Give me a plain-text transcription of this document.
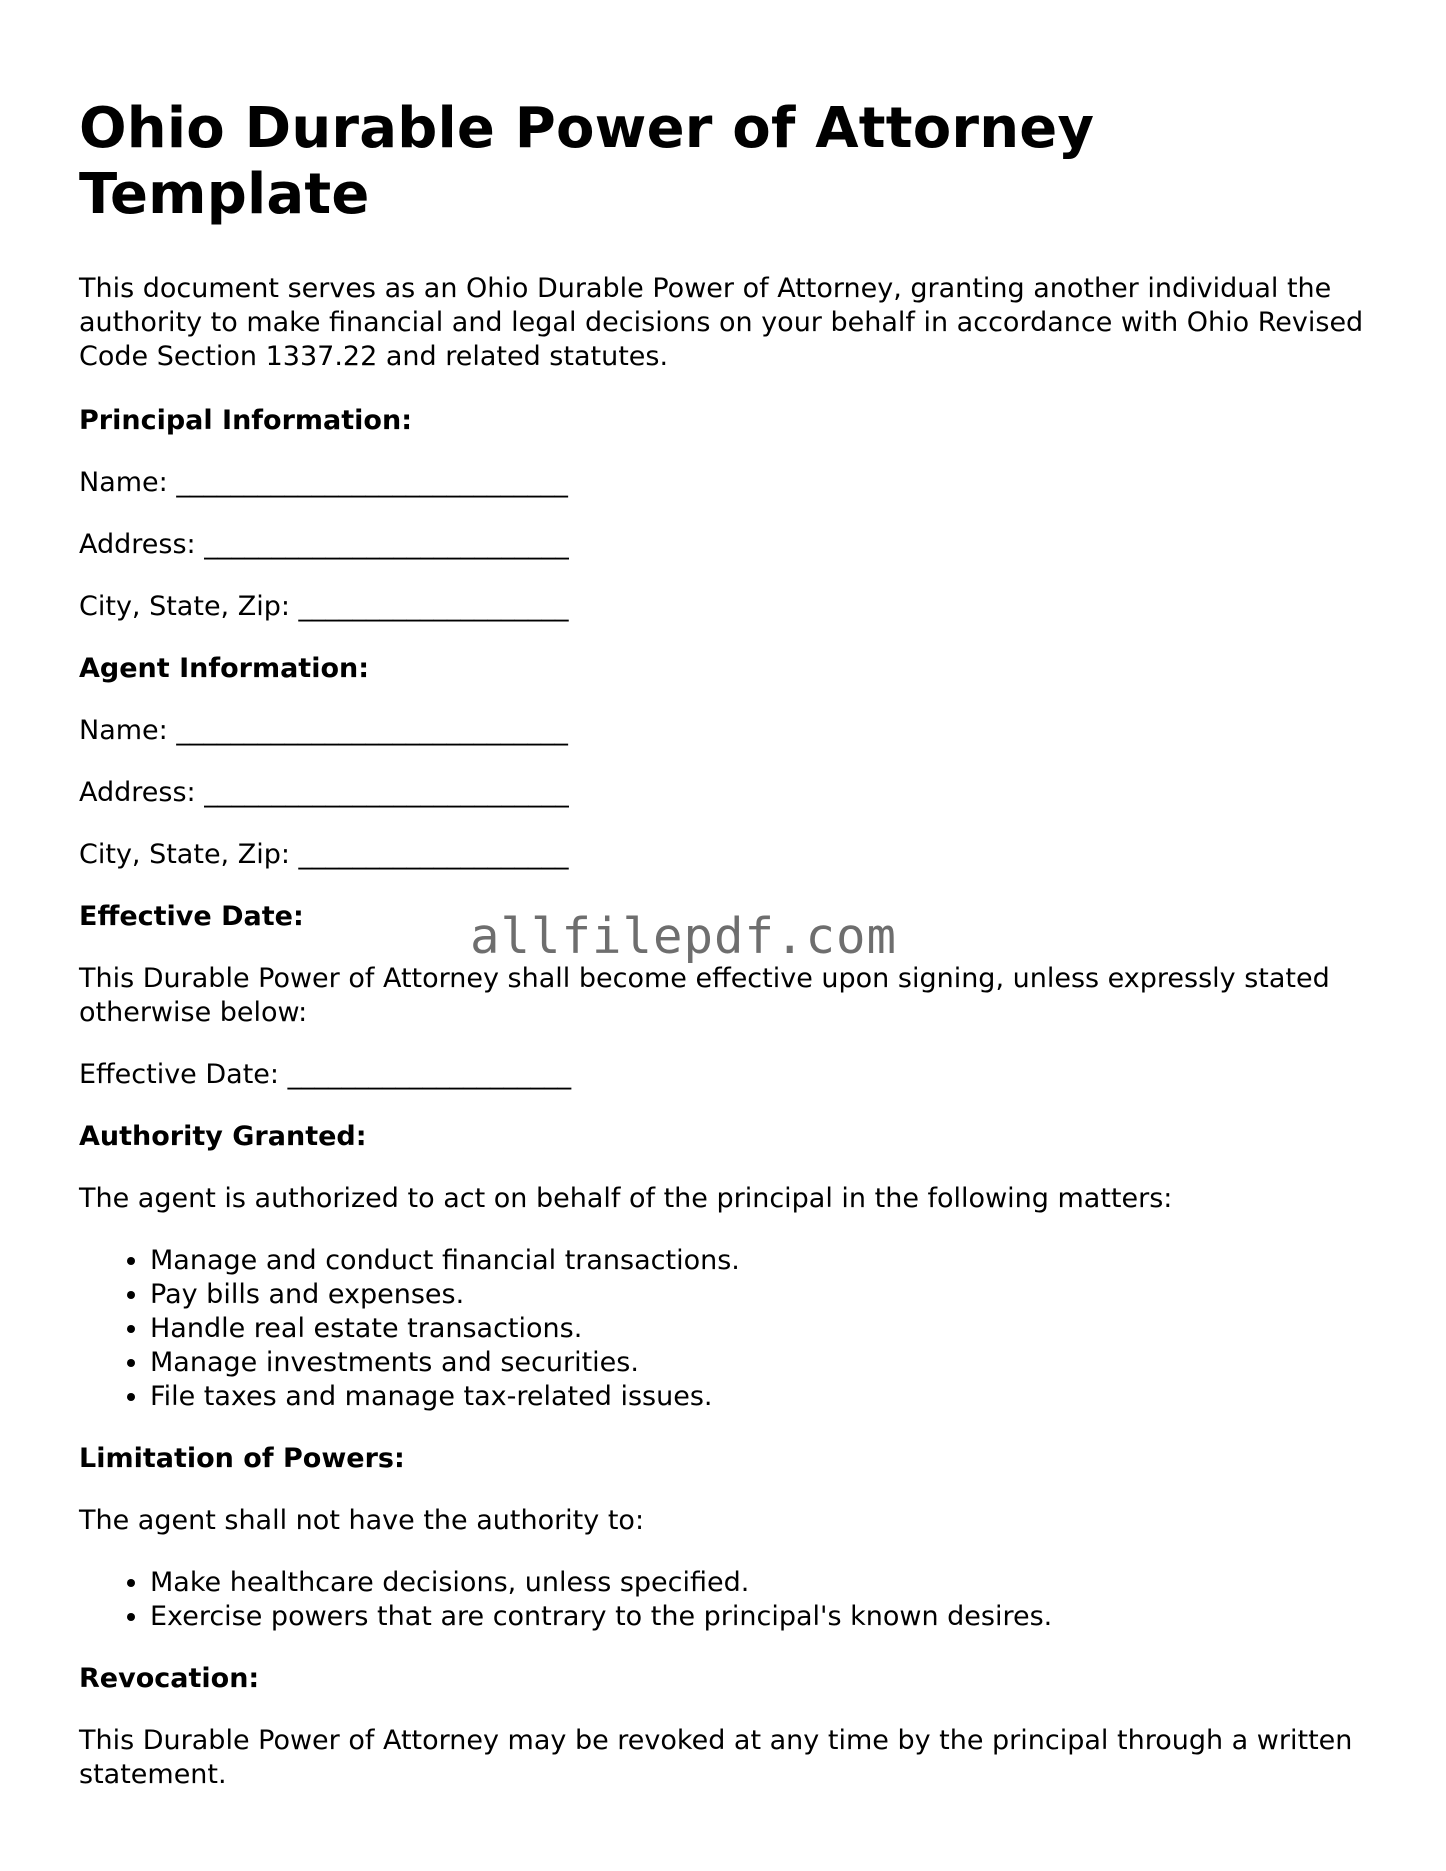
Ohio Durable Power of Attorney Template

This document serves as an Ohio Durable Power of Attorney, granting another individual the authority to make financial and legal decisions on your behalf in accordance with Ohio Revised Code Section 1337.22 and related statutes.

Principal Information:
Name: _____________________________
Address: ___________________________
City, State, Zip: ____________________
Agent Information:
Name: _____________________________
Address: ___________________________
City, State, Zip: ____________________
Effective Date:

This Durable Power of Attorney shall become effective upon signing, unless expressly stated otherwise below:

Effective Date: _____________________
Authority Granted:

The agent is authorized to act on behalf of the principal in the following matters:

• Manage and conduct financial transactions.
• Pay bills and expenses.
• Handle real estate transactions.
• Manage investments and securities.
• File taxes and manage tax-related issues.
Limitation of Powers:

The agent shall not have the authority to:

• Make healthcare decisions, unless specified.
• Exercise powers that are contrary to the principal's known desires.
Revocation:

This Durable Power of Attorney may be revoked at any time by the principal through a written statement.

allfilepdf.com
